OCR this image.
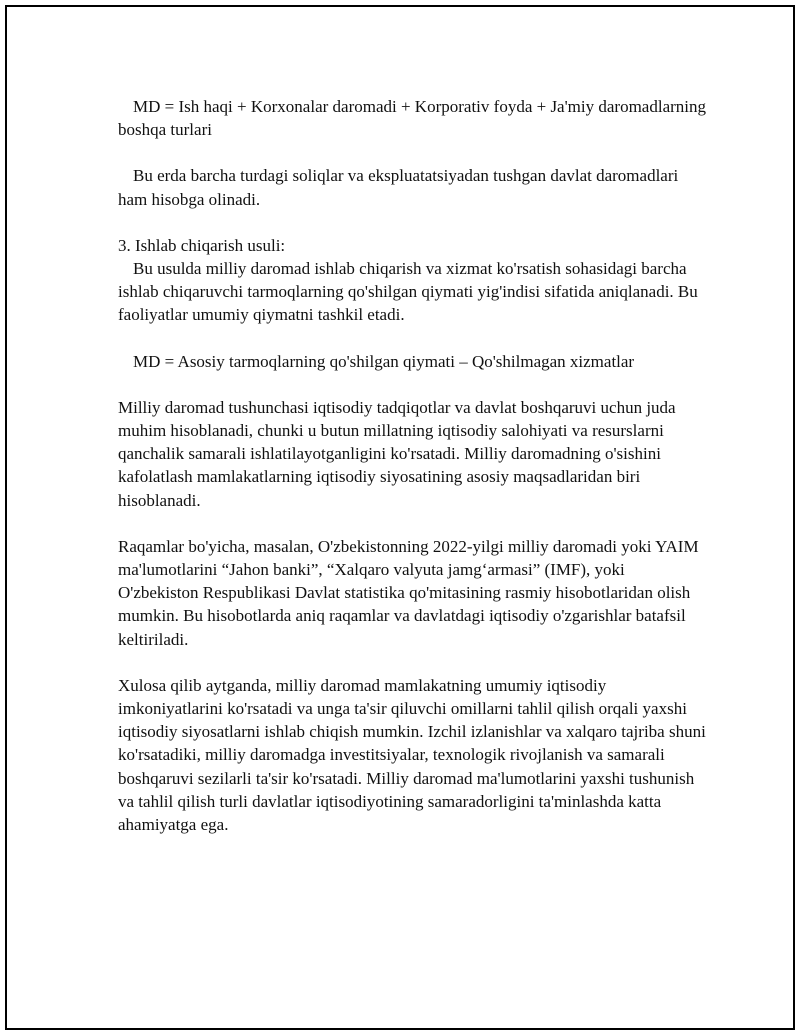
MD = Ish haqi + Korxonalar daromadi + Korporativ foyda + Ja'miy daromadlarning boshqa turlari

Bu erda barcha turdagi soliqlar va ekspluatatsiyadan tushgan davlat daromadlari ham hisobga olinadi.

3. Ishlab chiqarish usuli:

Bu usulda milliy daromad ishlab chiqarish va xizmat ko'rsatish sohasidagi barcha ishlab chiqaruvchi tarmoqlarning qo'shilgan qiymati yig'indisi sifatida aniqlanadi. Bu faoliyatlar umumiy qiymatni tashkil etadi.

MD = Asosiy tarmoqlarning qo'shilgan qiymati – Qo'shilmagan xizmatlar

Milliy daromad tushunchasi iqtisodiy tadqiqotlar va davlat boshqaruvi uchun juda muhim hisoblanadi, chunki u butun millatning iqtisodiy salohiyati va resurslarni qanchalik samarali ishlatilayotganligini ko'rsatadi. Milliy daromadning o'sishini kafolatlash mamlakatlarning iqtisodiy siyosatining asosiy maqsadlaridan biri hisoblanadi.

Raqamlar bo'yicha, masalan, O'zbekistonning 2022-yilgi milliy daromadi yoki YAIM ma'lumotlarini “Jahon banki”, “Xalqaro valyuta jamg‘armasi” (IMF), yoki O'zbekiston Respublikasi Davlat statistika qo'mitasining rasmiy hisobotlaridan olish mumkin. Bu hisobotlarda aniq raqamlar va davlatdagi iqtisodiy o'zgarishlar batafsil keltiriladi.

Xulosa qilib aytganda, milliy daromad mamlakatning umumiy iqtisodiy imkoniyatlarini ko'rsatadi va unga ta'sir qiluvchi omillarni tahlil qilish orqali yaxshi iqtisodiy siyosatlarni ishlab chiqish mumkin. Izchil izlanishlar va xalqaro tajriba shuni ko'rsatadiki, milliy daromadga investitsiyalar, texnologik rivojlanish va samarali boshqaruvi sezilarli ta'sir ko'rsatadi. Milliy daromad ma'lumotlarini yaxshi tushunish va tahlil qilish turli davlatlar iqtisodiyotining samaradorligini ta'minlashda katta ahamiyatga ega.
